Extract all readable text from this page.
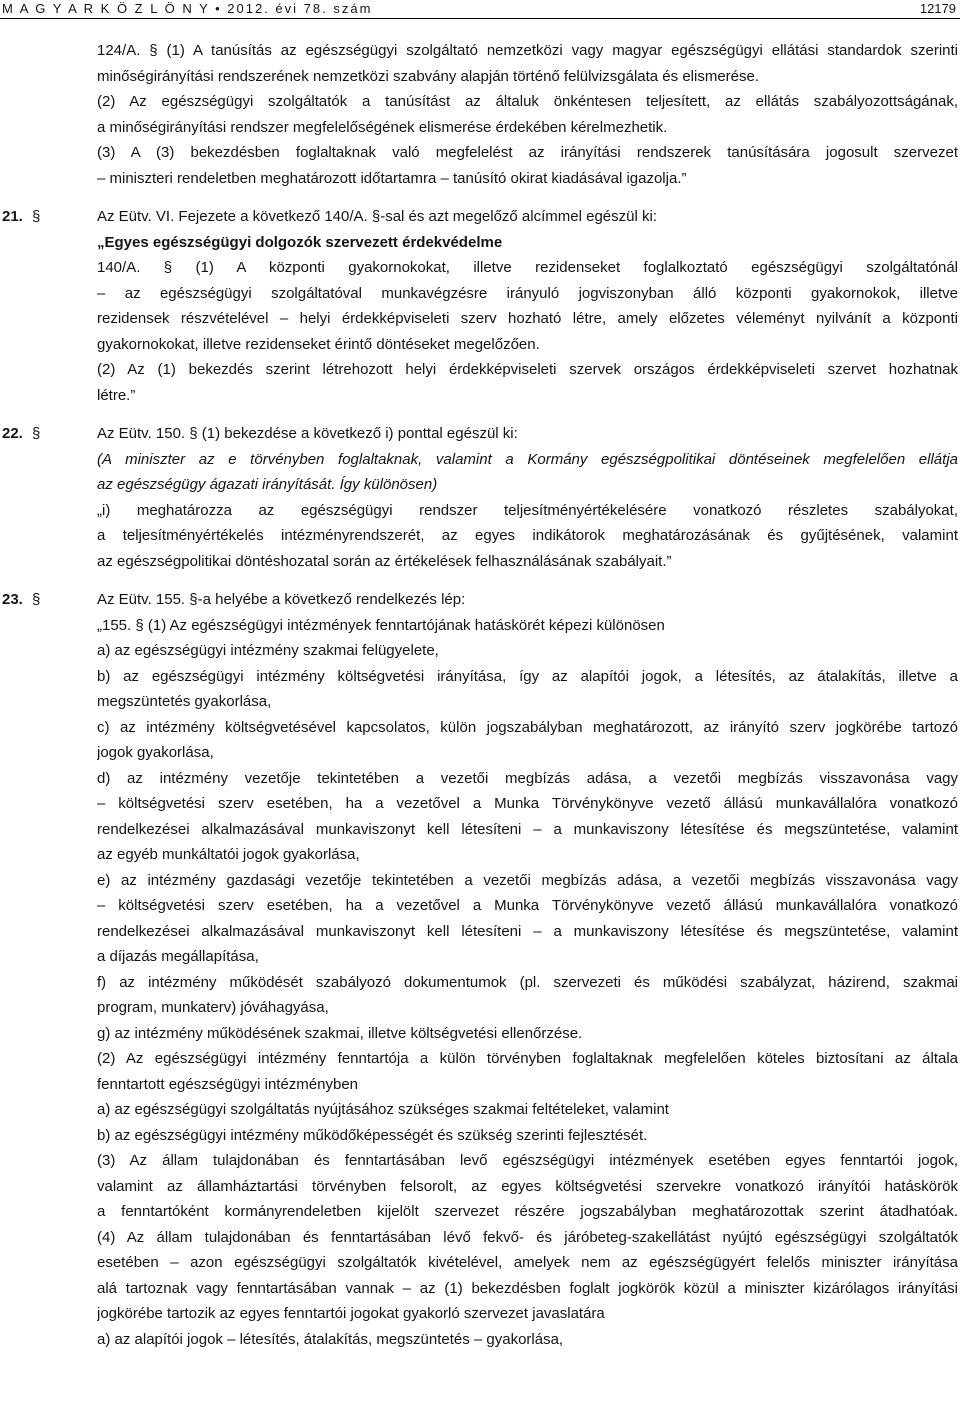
M A G Y A R K Ö Z L Ö N Y • 2012. évi 78. szám	12179
124/A. § (1) A tanúsítás az egészségügyi szolgáltató nemzetközi vagy magyar egészségügyi ellátási standardok szerinti
minőségirányítási rendszerének nemzetközi szabvány alapján történő felülvizsgálata és elismerése.
(2) Az egészségügyi szolgáltatók a tanúsítást az általuk önkéntesen teljesített, az ellátás szabályozottságának,
a minőségirányítási rendszer megfelelőségének elismerése érdekében kérelmezhetik.
(3) A (3) bekezdésben foglaltaknak való megfelelést az irányítási rendszerek tanúsítására jogosult szervezet
– miniszteri rendeletben meghatározott időtartamra – tanúsító okirat kiadásával igazolja.”
21. §	Az Eütv. VI. Fejezete a következő 140/A. §-sal és azt megelőző alcímmel egészül ki:
„Egyes egészségügyi dolgozók szervezett érdekvédelme
140/A. § (1) A központi gyakornokokat, illetve rezidenseket foglalkoztató egészségügyi szolgáltatónál
– az egészségügyi szolgáltatóval munkavégzésre irányuló jogviszonyban álló központi gyakornokok, illetve
rezidensek részvételével – helyi érdekképviseleti szerv hozható létre, amely előzetes véleményt nyilvánít a központi
gyakornokokat, illetve rezidenseket érintő döntéseket megelőzően.
(2) Az (1) bekezdés szerint létrehozott helyi érdekképviseleti szervek országos érdekképviseleti szervet hozhatnak
létre.”
22. §	Az Eütv. 150. § (1) bekezdése a következő i) ponttal egészül ki:
(A miniszter az e törvényben foglaltaknak, valamint a Kormány egészségpolitikai döntéseinek megfelelően ellátja
az egészségügy ágazati irányítását. Így különösen)
„i) meghatározza az egészségügyi rendszer teljesítményértékelésére vonatkozó részletes szabályokat,
a teljesítményértékelés intézményrendszerét, az egyes indikátorok meghatározásának és gyűjtésének, valamint
az egészségpolitikai döntéshozatal során az értékelések felhasználásának szabályait.”
23. §	Az Eütv. 155. §-a helyébe a következő rendelkezés lép:
„155. § (1) Az egészségügyi intézmények fenntartójának hatáskörét képezi különösen
a) az egészségügyi intézmény szakmai felügyelete,
b) az egészségügyi intézmény költségvetési irányítása, így az alapítói jogok, a létesítés, az átalakítás, illetve a
megszüntetés gyakorlása,
c) az intézmény költségvetésével kapcsolatos, külön jogszabályban meghatározott, az irányító szerv jogkörébe tartozó
jogok gyakorlása,
d) az intézmény vezetője tekintetében a vezetői megbízás adása, a vezetői megbízás visszavonása vagy
– költségvetési szerv esetében, ha a vezetővel a Munka Törvénykönyve vezető állású munkavállalóra vonatkozó
rendelkezései alkalmazásával munkaviszonyt kell létesíteni – a munkaviszony létesítése és megszüntetése, valamint
az egyéb munkáltatói jogok gyakorlása,
e) az intézmény gazdasági vezetője tekintetében a vezetői megbízás adása, a vezetői megbízás visszavonása vagy
– költségvetési szerv esetében, ha a vezetővel a Munka Törvénykönyve vezető állású munkavállalóra vonatkozó
rendelkezései alkalmazásával munkaviszonyt kell létesíteni – a munkaviszony létesítése és megszüntetése, valamint
a díjazás megállapítása,
f) az intézmény működését szabályozó dokumentumok (pl. szervezeti és működési szabályzat, házirend, szakmai
program, munkaterv) jóváhagyása,
g) az intézmény működésének szakmai, illetve költségvetési ellenőrzése.
(2) Az egészségügyi intézmény fenntartója a külön törvényben foglaltaknak megfelelően köteles biztosítani az általa
fenntartott egészségügyi intézményben
a) az egészségügyi szolgáltatás nyújtásához szükséges szakmai feltételeket, valamint
b) az egészségügyi intézmény működőképességét és szükség szerinti fejlesztését.
(3) Az állam tulajdonában és fenntartásában levő egészségügyi intézmények esetében egyes fenntartói jogok,
valamint az államháztartási törvényben felsorolt, az egyes költségvetési szervekre vonatkozó irányítói hatáskörök
a fenntartóként kormányrendeletben kijelölt szervezet részére jogszabályban meghatározottak szerint átadhatóak.
(4) Az állam tulajdonában és fenntartásában lévő fekvő- és járóbeteg-szakellátást nyújtó egészségügyi szolgáltatók
esetében – azon egészségügyi szolgáltatók kivételével, amelyek nem az egészségügyért felelős miniszter irányítása
alá tartoznak vagy fenntartásában vannak – az (1) bekezdésben foglalt jogkörök közül a miniszter kizárólagos irányítási
jogkörébe tartozik az egyes fenntartói jogokat gyakorló szervezet javaslatára
a) az alapítói jogok – létesítés, átalakítás, megszüntetés – gyakorlása,
